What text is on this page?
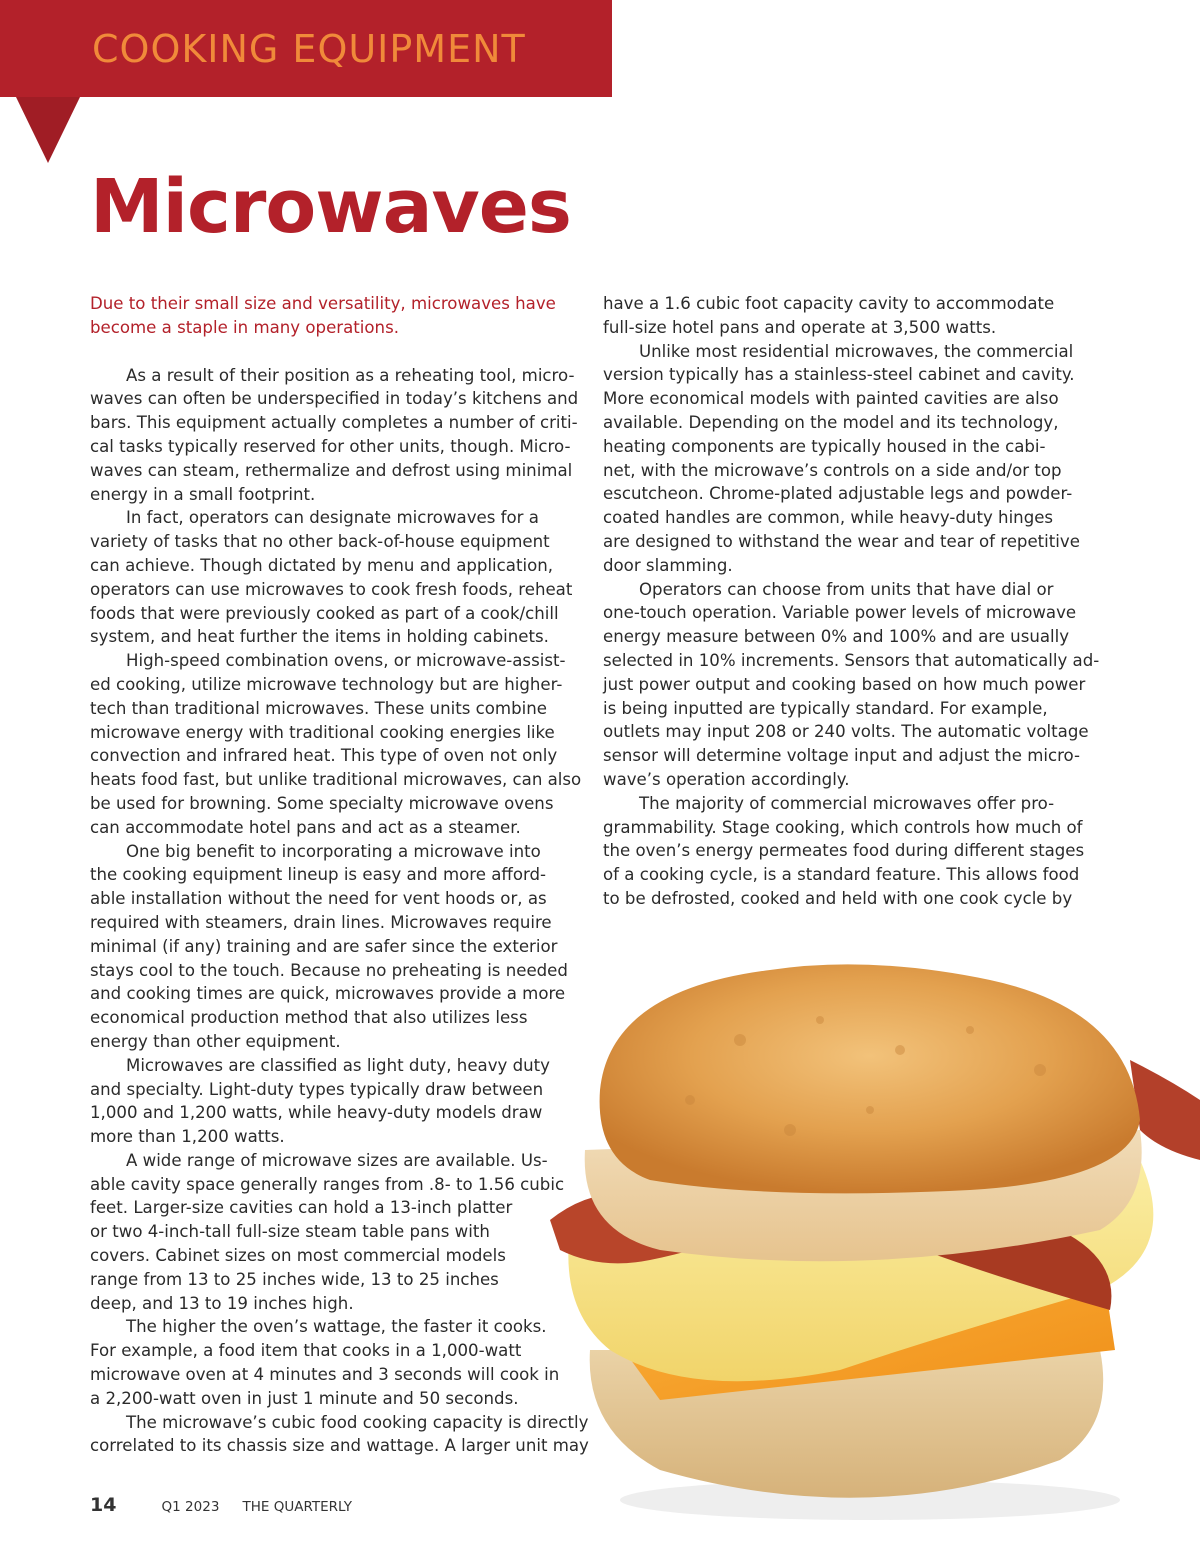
COOKING EQUIPMENT
Microwaves
Due to their small size and versatility, microwaves have
become a staple in many operations.

As a result of their position as a reheating tool, micro-
waves can often be underspecified in today’s kitchens and
bars. This equipment actually completes a number of criti-
cal tasks typically reserved for other units, though. Micro-
waves can steam, rethermalize and defrost using minimal
energy in a small footprint.

In fact, operators can designate microwaves for a
variety of tasks that no other back-of-house equipment
can achieve. Though dictated by menu and application,
operators can use microwaves to cook fresh foods, reheat
foods that were previously cooked as part of a cook/chill
system, and heat further the items in holding cabinets.

High-speed combination ovens, or microwave-assist-
ed cooking, utilize microwave technology but are higher-
tech than traditional microwaves. These units combine
microwave energy with traditional cooking energies like
convection and infrared heat. This type of oven not only
heats food fast, but unlike traditional microwaves, can also
be used for browning. Some specialty microwave ovens
can accommodate hotel pans and act as a steamer.

One big benefit to incorporating a microwave into
the cooking equipment lineup is easy and more afford-
able installation without the need for vent hoods or, as
required with steamers, drain lines. Microwaves require
minimal (if any) training and are safer since the exterior
stays cool to the touch. Because no preheating is needed
and cooking times are quick, microwaves provide a more
economical production method that also utilizes less
energy than other equipment.

Microwaves are classified as light duty, heavy duty
and specialty. Light-duty types typically draw between
1,000 and 1,200 watts, while heavy-duty models draw
more than 1,200 watts.

A wide range of microwave sizes are available. Us-
able cavity space generally ranges from .8- to 1.56 cubic
feet. Larger-size cavities can hold a 13-inch platter
or two 4-inch-tall full-size steam table pans with
covers. Cabinet sizes on most commercial models
range from 13 to 25 inches wide, 13 to 25 inches
deep, and 13 to 19 inches high.

The higher the oven’s wattage, the faster it cooks.
For example, a food item that cooks in a 1,000-watt
microwave oven at 4 minutes and 3 seconds will cook in
a 2,200-watt oven in just 1 minute and 50 seconds.

The microwave’s cubic food cooking capacity is directly
correlated to its chassis size and wattage. A larger unit may

have a 1.6 cubic foot capacity cavity to accommodate
full-size hotel pans and operate at 3,500 watts.

Unlike most residential microwaves, the commercial
version typically has a stainless-steel cabinet and cavity.
More economical models with painted cavities are also
available. Depending on the model and its technology,
heating components are typically housed in the cabi-
net, with the microwave’s controls on a side and/or top
escutcheon. Chrome-plated adjustable legs and powder-
coated handles are common, while heavy-duty hinges
are designed to withstand the wear and tear of repetitive
door slamming.

Operators can choose from units that have dial or
one-touch operation. Variable power levels of microwave
energy measure between 0% and 100% and are usually
selected in 10% increments. Sensors that automatically ad-
just power output and cooking based on how much power
is being inputted are typically standard. For example,
outlets may input 208 or 240 volts. The automatic voltage
sensor will determine voltage input and adjust the micro-
wave’s operation accordingly.

The majority of commercial microwaves offer pro-
grammability. Stage cooking, which controls how much of
the oven’s energy permeates food during different stages
of a cooking cycle, is a standard feature. This allows food
to be defrosted, cooked and held with one cook cycle by

14	Q1 2023 THE QUARTERLY
